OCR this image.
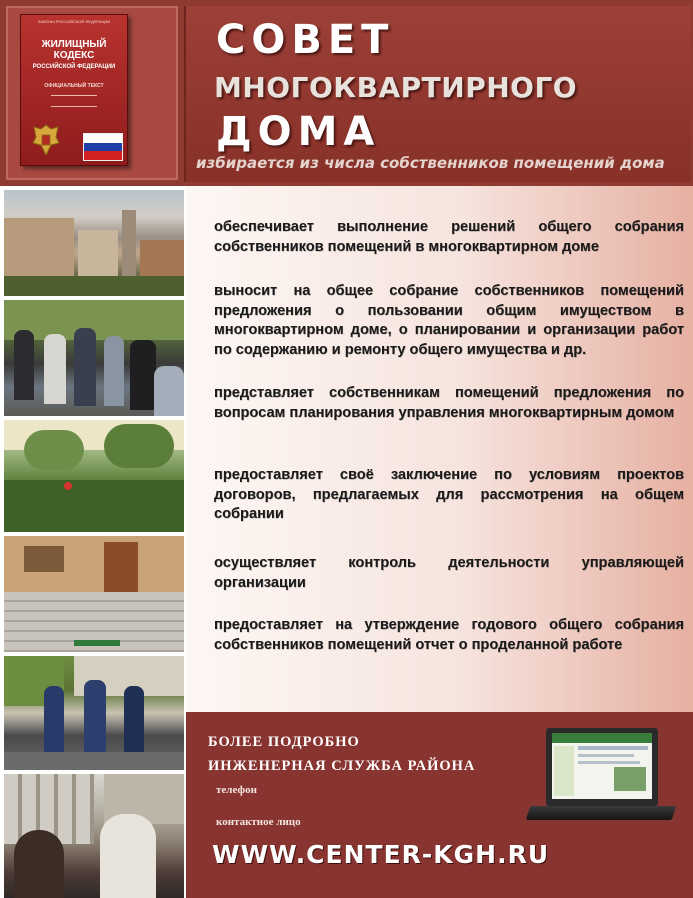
ЗАКОНЫ РОССИЙСКОЙ ФЕДЕРАЦИИ
ЖИЛИЩНЫЙ КОДЕКС
РОССИЙСКОЙ ФЕДЕРАЦИИ
ОФИЦИАЛЬНЫЙ ТЕКСТ
СОВЕТ
МНОГОКВАРТИРНОГО
ДОМА
избирается из числа собственников помещений дома
обеспечивает выполнение решений общего собрания собственников помещений в многоквартирном доме
выносит на общее собрание собственников помещений предложения о пользовании общим имуществом в многоквартирном доме, о планировании и организации работ по содержанию и ремонту общего имущества и др.
представляет собственникам помещений предложения по вопросам планирования управления многоквартирным домом
предоставляет своё заключение по условиям проектов договоров, предлагаемых для рассмотрения на общем собрании
осуществляет контроль деятельности управляющей организации
предоставляет на утверждение годового общего собрания собственников помещений отчет о проделанной работе
БОЛЕЕ ПОДРОБНО
ИНЖЕНЕРНАЯ СЛУЖБА РАЙОНА
телефон
контактное лицо
WWW.CENTER-KGH.RU
